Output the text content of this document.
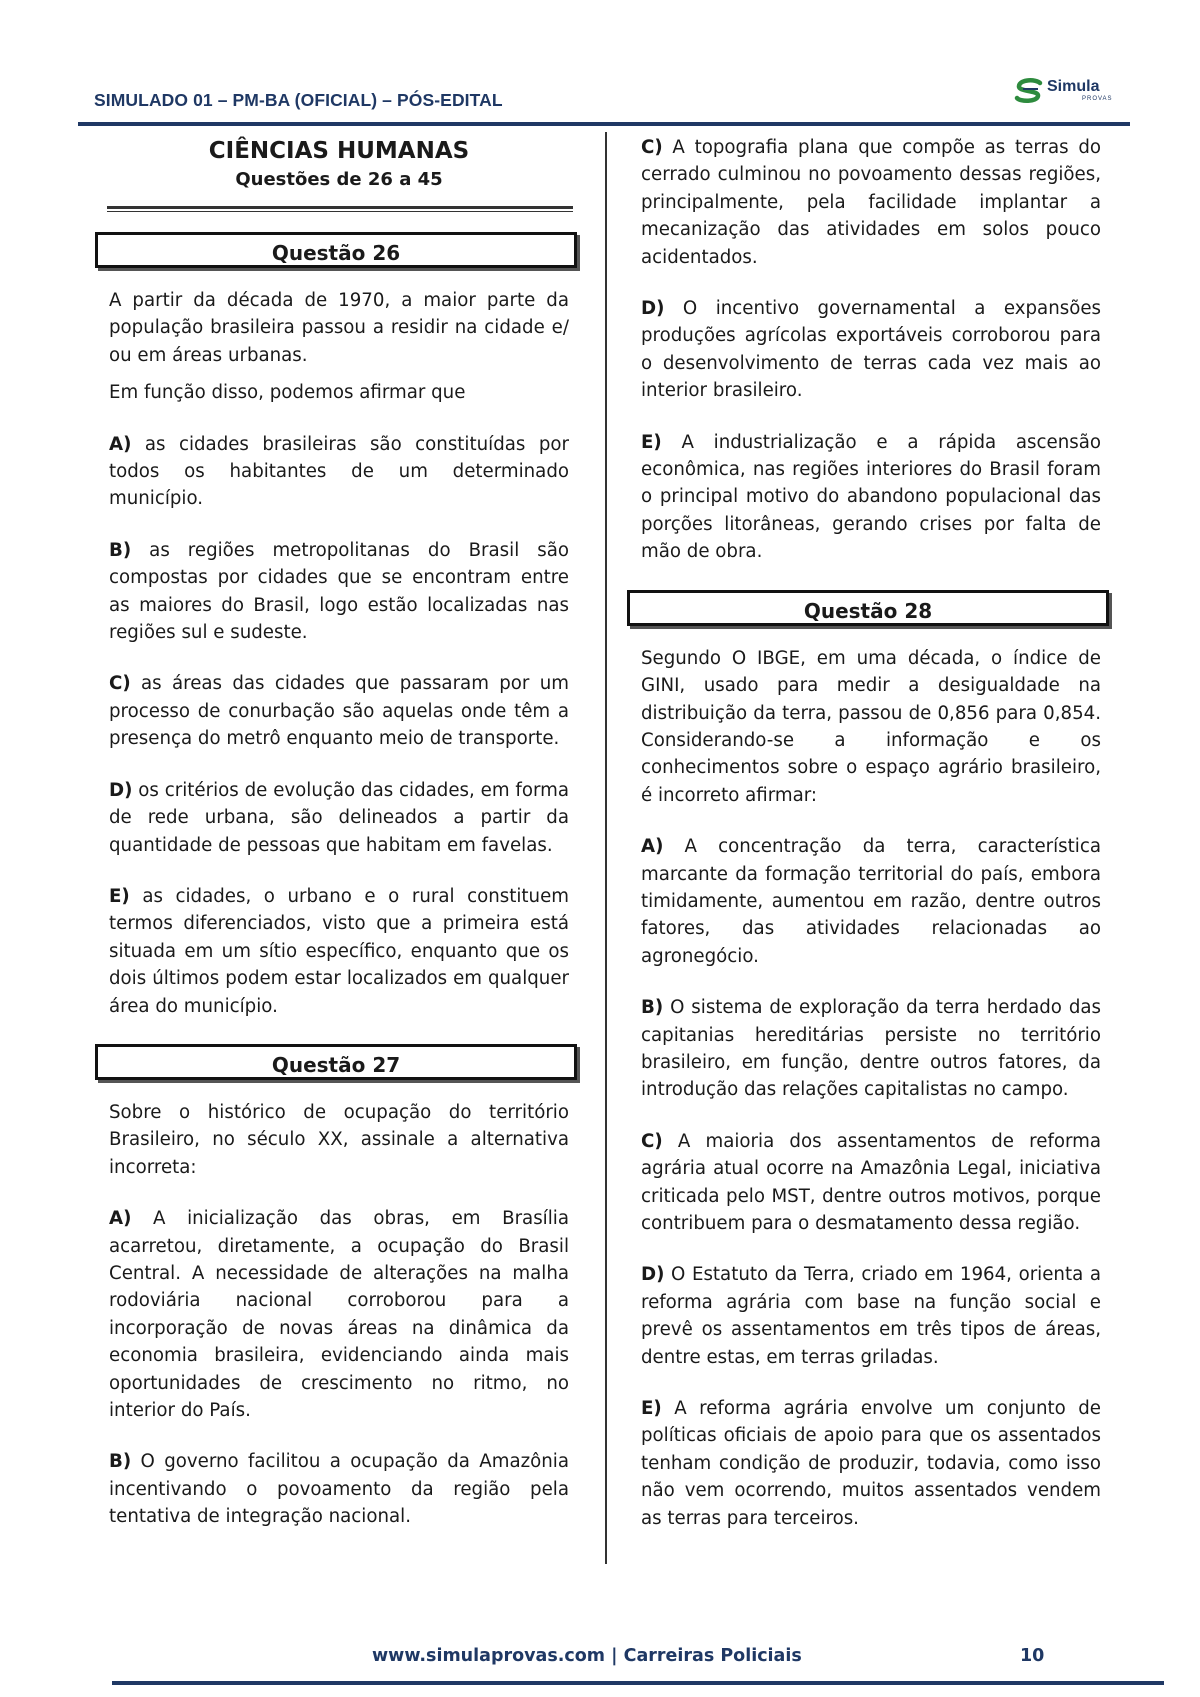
SIMULADO 01 – PM-BA (OFICIAL) – PÓS-EDITAL
Simula
PROVAS
CIÊNCIAS HUMANAS
Questões de 26 a 45
Questão 26

A partir da década de 1970, a maior parte da população brasileira passou a residir na cidade e/ ou em áreas urbanas.

Em função disso, podemos afirmar que

A) as cidades brasileiras são constituídas por todos os habitantes de um determinado município.

B) as regiões metropolitanas do Brasil são compostas por cidades que se encontram entre as maiores do Brasil, logo estão localizadas nas regiões sul e sudeste.

C) as áreas das cidades que passaram por um processo de conurbação são aquelas onde têm a presença do metrô enquanto meio de transporte.

D) os critérios de evolução das cidades, em forma de rede urbana, são delineados a partir da quantidade de pessoas que habitam em favelas.

E) as cidades, o urbano e o rural constituem termos diferenciados, visto que a primeira está situada em um sítio específico, enquanto que os dois últimos podem estar localizados em qualquer área do município.

Questão 27

Sobre o histórico de ocupação do território Brasileiro, no século XX, assinale a alternativa incorreta:

A) A inicialização das obras, em Brasília acarretou, diretamente, a ocupação do Brasil Central. A necessidade de alterações na malha rodoviária nacional corroborou para a incorporação de novas áreas na dinâmica da economia brasileira, evidenciando ainda mais oportunidades de crescimento no ritmo, no interior do País.

B) O governo facilitou a ocupação da Amazônia incentivando o povoamento da região pela tentativa de integração nacional.

C) A topografia plana que compõe as terras do cerrado culminou no povoamento dessas regiões, principalmente, pela facilidade implantar a mecanização das atividades em solos pouco acidentados.

D) O incentivo governamental a expansões produções agrícolas exportáveis corroborou para o desenvolvimento de terras cada vez mais ao interior brasileiro.

E) A industrialização e a rápida ascensão econômica, nas regiões interiores do Brasil foram o principal motivo do abandono populacional das porções litorâneas, gerando crises por falta de mão de obra.

Questão 28

Segundo O IBGE, em uma década, o índice de GINI, usado para medir a desigualdade na distribuição da terra, passou de 0,856 para 0,854. Considerando-se a informação e os conhecimentos sobre o espaço agrário brasileiro, é incorreto afirmar:

A) A concentração da terra, característica marcante da formação territorial do país, embora timidamente, aumentou em razão, dentre outros fatores, das atividades relacionadas ao agronegócio.

B) O sistema de exploração da terra herdado das capitanias hereditárias persiste no território brasileiro, em função, dentre outros fatores, da introdução das relações capitalistas no campo.

C) A maioria dos assentamentos de reforma agrária atual ocorre na Amazônia Legal, iniciativa criticada pelo MST, dentre outros motivos, porque contribuem para o desmatamento dessa região.

D) O Estatuto da Terra, criado em 1964, orienta a reforma agrária com base na função social e prevê os assentamentos em três tipos de áreas, dentre estas, em terras griladas.

E) A reforma agrária envolve um conjunto de políticas oficiais de apoio para que os assentados tenham condição de produzir, todavia, como isso não vem ocorrendo, muitos assentados vendem as terras para terceiros.

www.simulaprovas.com | Carreiras Policiais	10
